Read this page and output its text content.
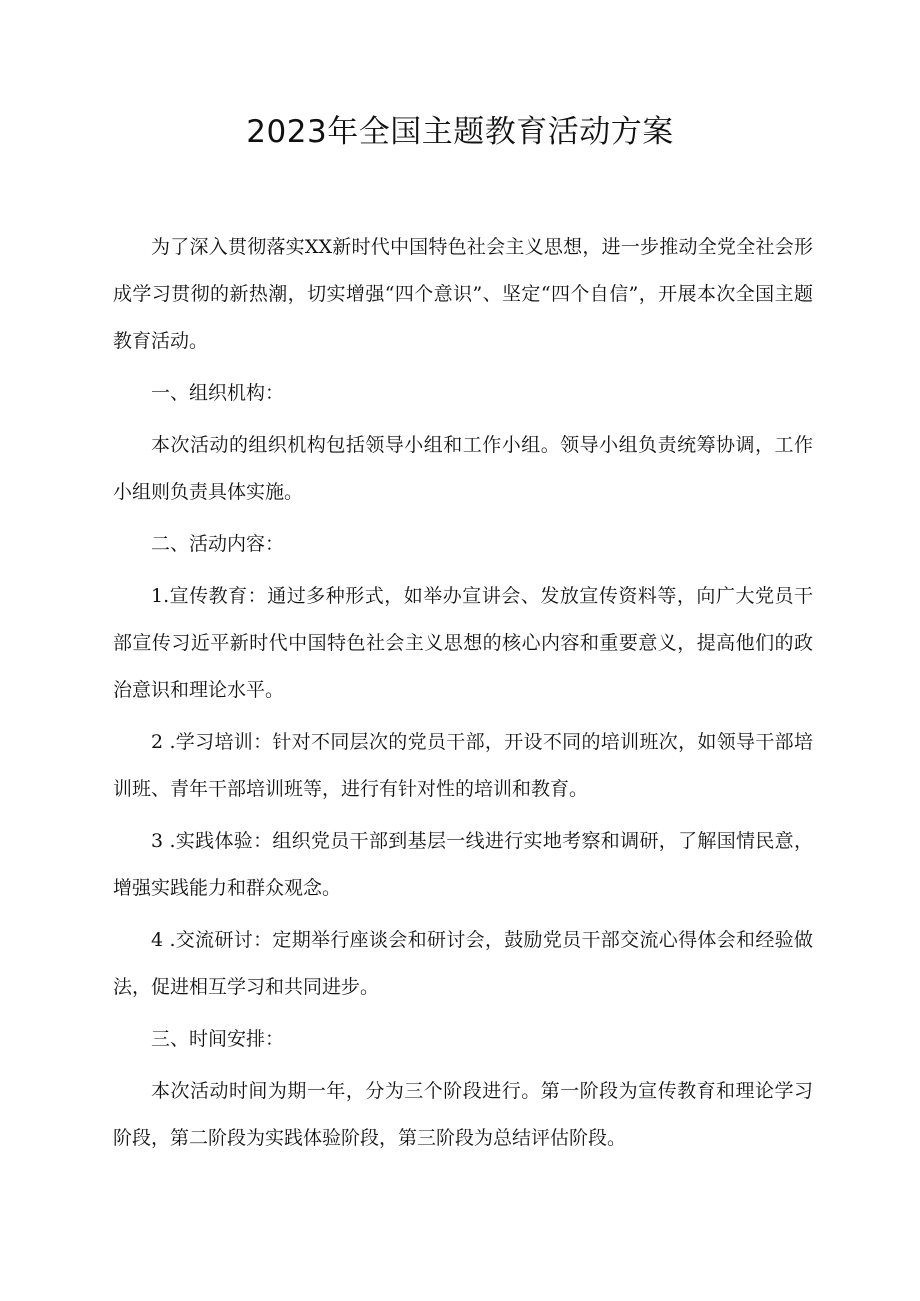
2023年全国主题教育活动方案

为了深入贯彻落实XX新时代中国特色社会主义思想，进一步推动全党全社会形成学习贯彻的新热潮，切实增强“四个意识”、坚定“四个自信”，开展本次全国主题教育活动。

一、组织机构：

本次活动的组织机构包括领导小组和工作小组。领导小组负责统筹协调，工作小组则负责具体实施。

二、活动内容：

1.宣传教育：通过多种形式，如举办宣讲会、发放宣传资料等，向广大党员干部宣传习近平新时代中国特色社会主义思想的核心内容和重要意义，提高他们的政治意识和理论水平。

2 .学习培训：针对不同层次的党员干部，开设不同的培训班次，如领导干部培训班、青年干部培训班等，进行有针对性的培训和教育。

3 .实践体验：组织党员干部到基层一线进行实地考察和调研，了解国情民意，增强实践能力和群众观念。

4 .交流研讨：定期举行座谈会和研讨会，鼓励党员干部交流心得体会和经验做法，促进相互学习和共同进步。

三、时间安排：

本次活动时间为期一年，分为三个阶段进行。第一阶段为宣传教育和理论学习阶段，第二阶段为实践体验阶段，第三阶段为总结评估阶段。
